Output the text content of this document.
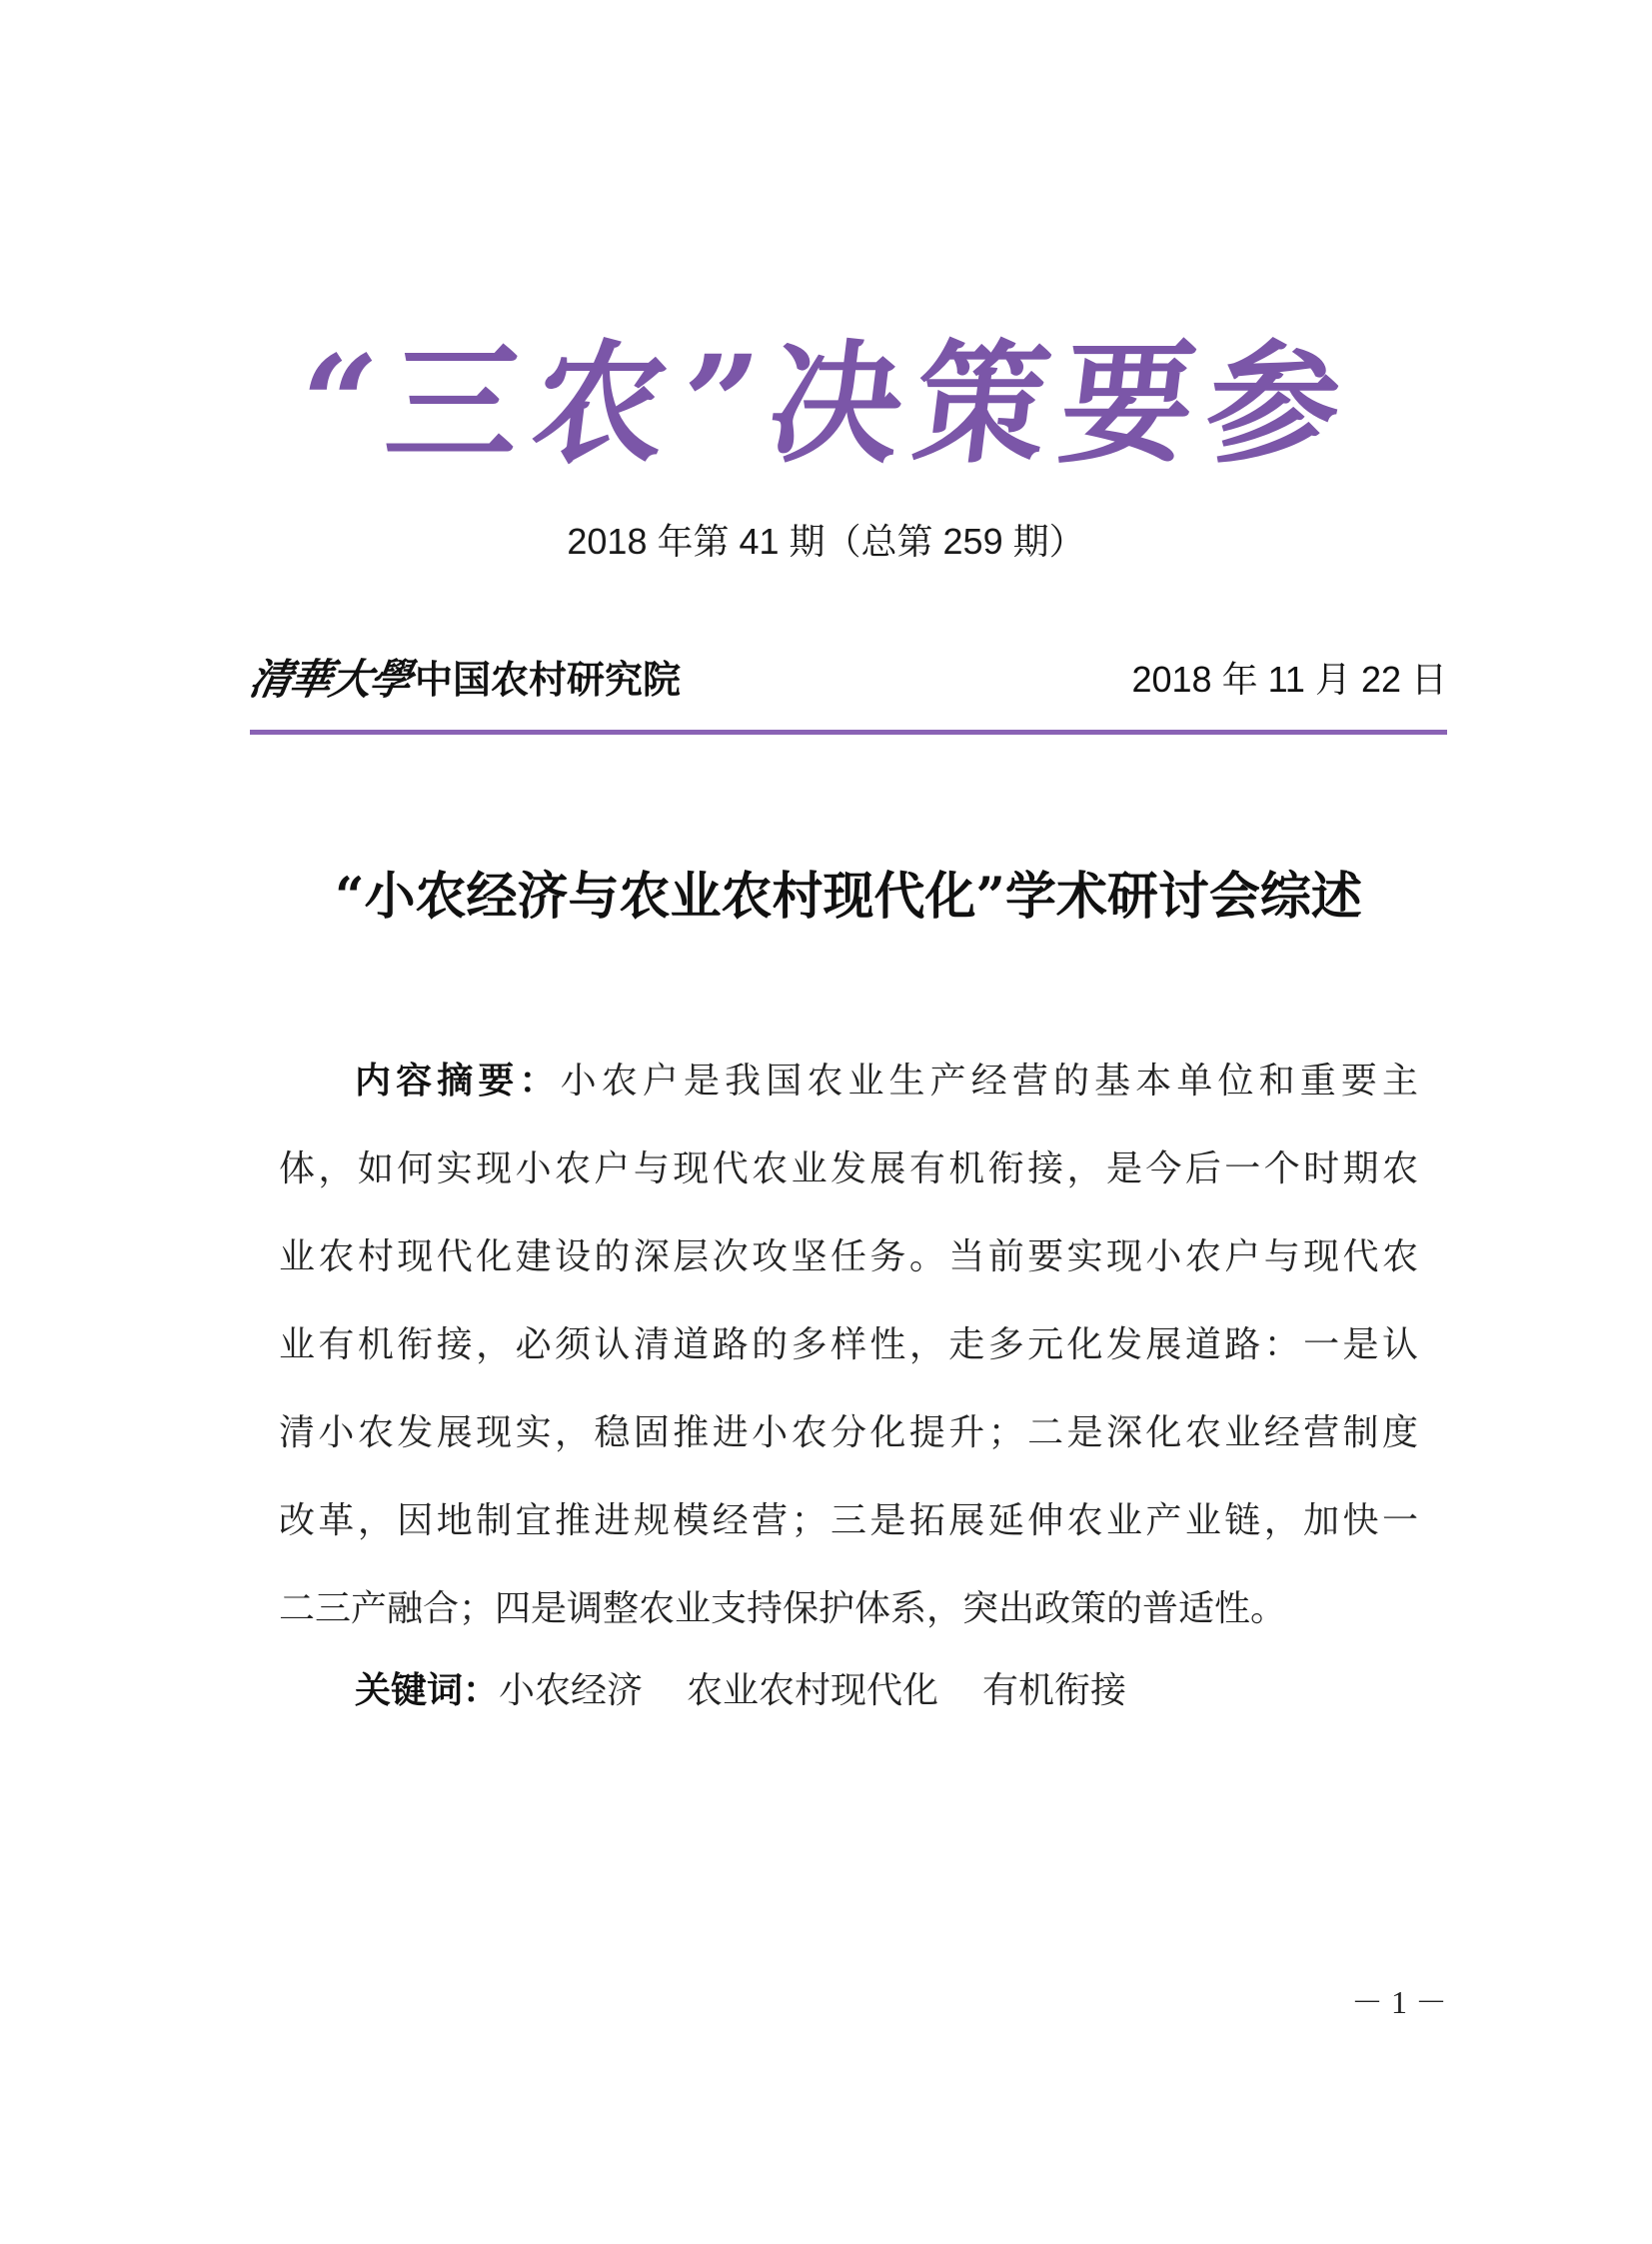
“三农”决策要参
2018 年第 41 期（总第 259 期）
清華大學 中国农村研究院	2018 年 11 月 22 日
“小农经济与农业农村现代化”学术研讨会综述
内容摘要：小农户是我国农业生产经营的基本单位和重要主
体，如何实现小农户与现代农业发展有机衔接，是今后一个时期农
业农村现代化建设的深层次攻坚任务。当前要实现小农户与现代农
业有机衔接，必须认清道路的多样性，走多元化发展道路：一是认
清小农发展现实，稳固推进小农分化提升；二是深化农业经营制度
改革，因地制宜推进规模经营；三是拓展延伸农业产业链，加快一
二三产融合；四是调整农业支持保护体系，突出政策的普适性。
关键词：小农经济 农业农村现代化 有机衔接
－ 1 －
